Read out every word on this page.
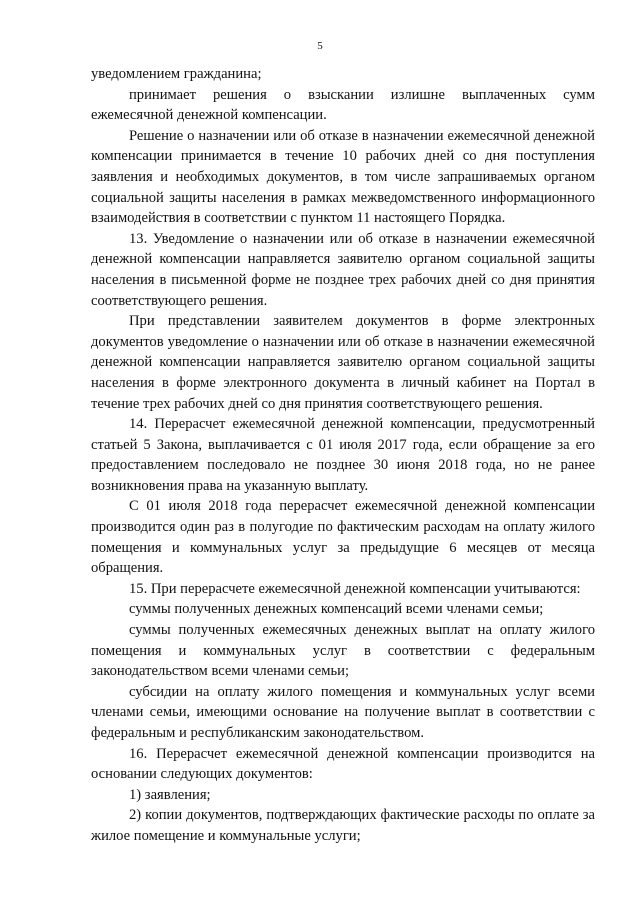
5

уведомлением гражданина;

принимает решения о взыскании излишне выплаченных сумм ежемесячной денежной компенсации.

Решение о назначении или об отказе в назначении ежемесячной денежной компенсации принимается в течение 10 рабочих дней со дня поступления заявления и необходимых документов, в том числе запрашиваемых органом социальной защиты населения в рамках межведомственного информационного взаимодействия в соответствии с пунктом 11 настоящего Порядка.

13. Уведомление о назначении или об отказе в назначении ежемесячной денежной компенсации направляется заявителю органом социальной защиты населения в письменной форме не позднее трех рабочих дней со дня принятия соответствующего решения.

При представлении заявителем документов в форме электронных документов уведомление о назначении или об отказе в назначении ежемесячной денежной компенсации направляется заявителю органом социальной защиты населения в форме электронного документа в личный кабинет на Портал в течение трех рабочих дней со дня принятия соответствующего решения.

14. Перерасчет ежемесячной денежной компенсации, предусмотренный статьей 5 Закона, выплачивается с 01 июля 2017 года, если обращение за его предоставлением последовало не позднее 30 июня 2018 года, но не ранее возникновения права на указанную выплату.

С 01 июля 2018 года перерасчет ежемесячной денежной компенсации производится один раз в полугодие по фактическим расходам на оплату жилого помещения и коммунальных услуг за предыдущие 6 месяцев от месяца обращения.

15. При перерасчете ежемесячной денежной компенсации учитываются:

суммы полученных денежных компенсаций всеми членами семьи;

суммы полученных ежемесячных денежных выплат на оплату жилого помещения и коммунальных услуг в соответствии с федеральным законодательством всеми членами семьи;

субсидии на оплату жилого помещения и коммунальных услуг всеми членами семьи, имеющими основание на получение выплат в соответствии с федеральным и республиканским законодательством.

16. Перерасчет ежемесячной денежной компенсации производится на основании следующих документов:

1) заявления;

2) копии документов, подтверждающих фактические расходы по оплате за жилое помещение и коммунальные услуги;
